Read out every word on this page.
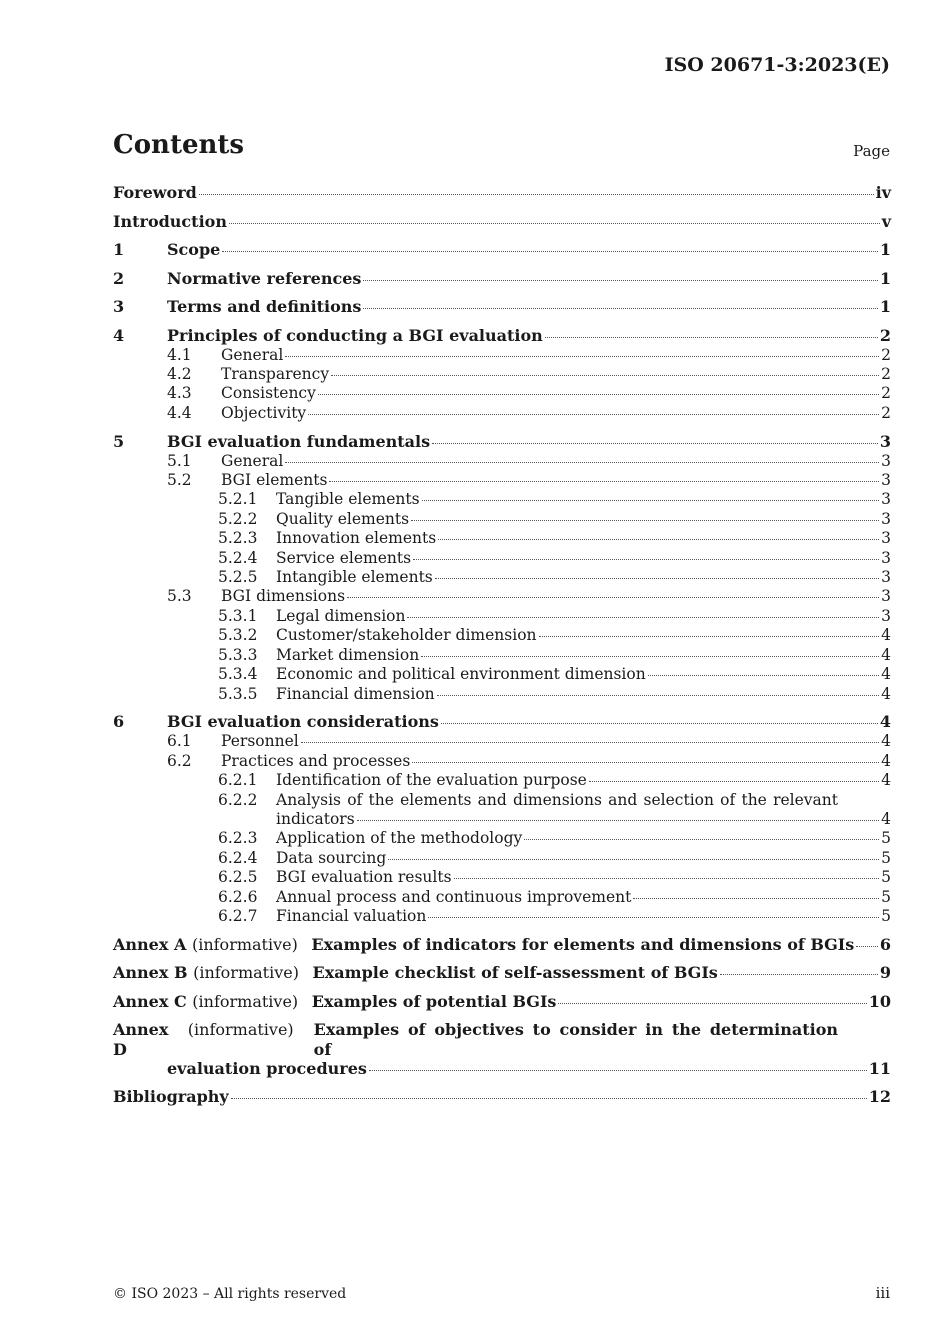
ISO 20671-3:2023(E)
Contents	Page
Foreword	iv
Introduction	v
1	Scope	1
2	Normative references	1
3	Terms and definitions	1
4	Principles of conducting a BGI evaluation	2
4.1	General	2
4.2	Transparency	2
4.3	Consistency	2
4.4	Objectivity	2
5	BGI evaluation fundamentals	3
5.1	General	3
5.2	BGI elements	3
5.2.1	Tangible elements	3
5.2.2	Quality elements	3
5.2.3	Innovation elements	3
5.2.4	Service elements	3
5.2.5	Intangible elements	3
5.3	BGI dimensions	3
5.3.1	Legal dimension	3
5.3.2	Customer/stakeholder dimension	4
5.3.3	Market dimension	4
5.3.4	Economic and political environment dimension	4
5.3.5	Financial dimension	4
6	BGI evaluation considerations	4
6.1	Personnel	4
6.2	Practices and processes	4
6.2.1	Identification of the evaluation purpose	4
6.2.2	Analysis of the elements and dimensions and selection of the relevant
indicators	4
6.2.3	Application of the methodology	5
6.2.4	Data sourcing	5
6.2.5	BGI evaluation results	5
6.2.6	Annual process and continuous improvement	5
6.2.7	Financial valuation	5
Annex A (informative) Examples of indicators for elements and dimensions of BGIs 6
Annex B (informative) Example checklist of self-assessment of BGIs	9
Annex C (informative) Examples of potential BGIs	10
Annex D
(informative) Examples of objectives to consider in the determination of
evaluation procedures	11
Bibliography	12
© ISO 2023 – All rights reserved	iii
